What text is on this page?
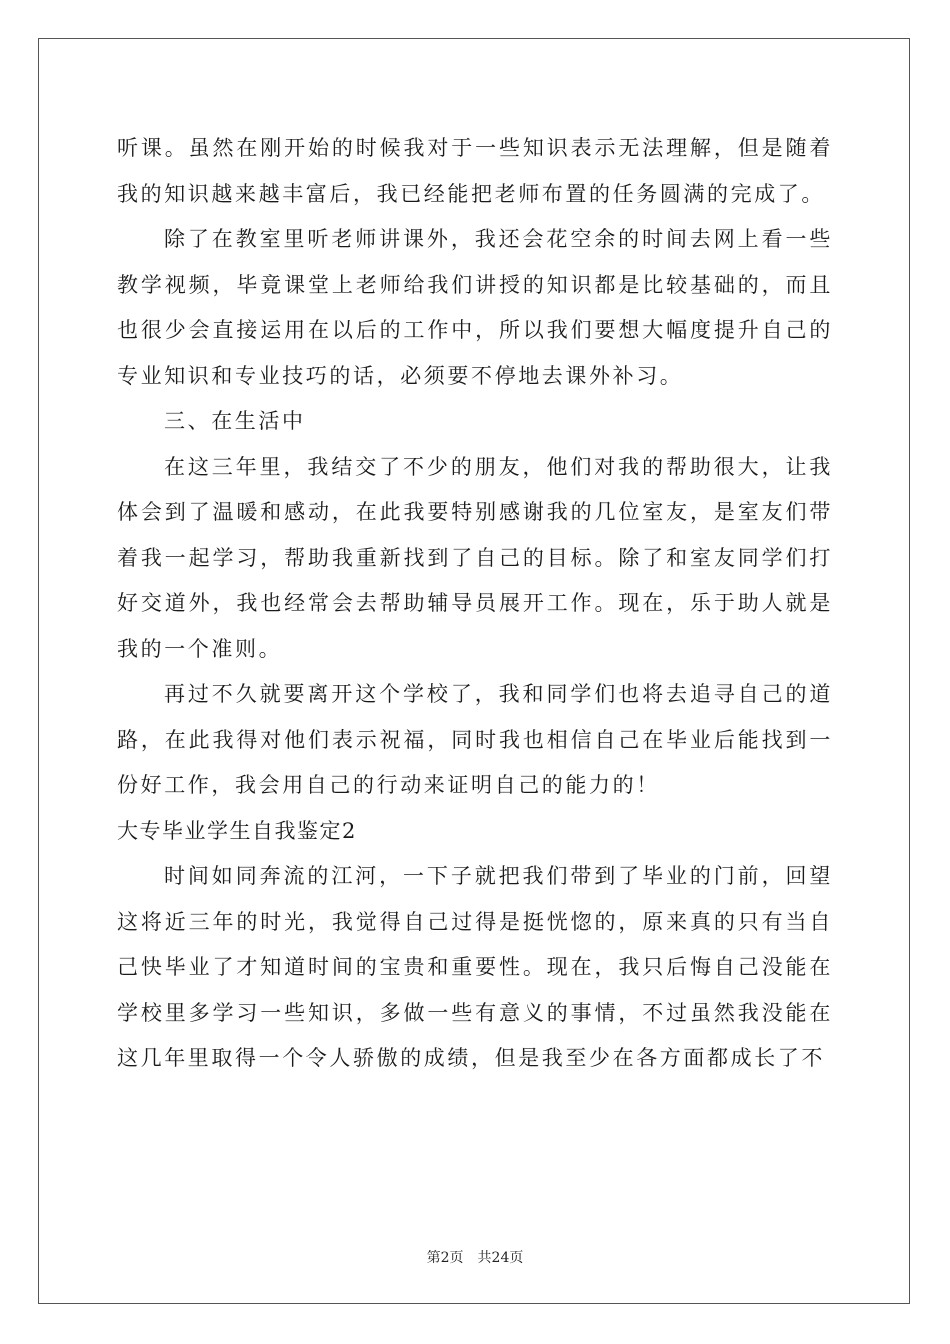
听课。虽然在刚开始的时候我对于一些知识表示无法理解，但是随着我的知识越来越丰富后，我已经能把老师布置的任务圆满的完成了。

除了在教室里听老师讲课外，我还会花空余的时间去网上看一些教学视频，毕竟课堂上老师给我们讲授的知识都是比较基础的，而且也很少会直接运用在以后的工作中，所以我们要想大幅度提升自己的专业知识和专业技巧的话，必须要不停地去课外补习。

三、在生活中

在这三年里，我结交了不少的朋友，他们对我的帮助很大，让我体会到了温暖和感动，在此我要特别感谢我的几位室友，是室友们带着我一起学习，帮助我重新找到了自己的目标。除了和室友同学们打好交道外，我也经常会去帮助辅导员展开工作。现在，乐于助人就是我的一个准则。

再过不久就要离开这个学校了，我和同学们也将去追寻自己的道路，在此我得对他们表示祝福，同时我也相信自己在毕业后能找到一份好工作，我会用自己的行动来证明自己的能力的！

大专毕业学生自我鉴定2

时间如同奔流的江河，一下子就把我们带到了毕业的门前，回望这将近三年的时光，我觉得自己过得是挺恍惚的，原来真的只有当自己快毕业了才知道时间的宝贵和重要性。现在，我只后悔自己没能在学校里多学习一些知识，多做一些有意义的事情，不过虽然我没能在这几年里取得一个令人骄傲的成绩，但是我至少在各方面都成长了不

第2页 共24页
